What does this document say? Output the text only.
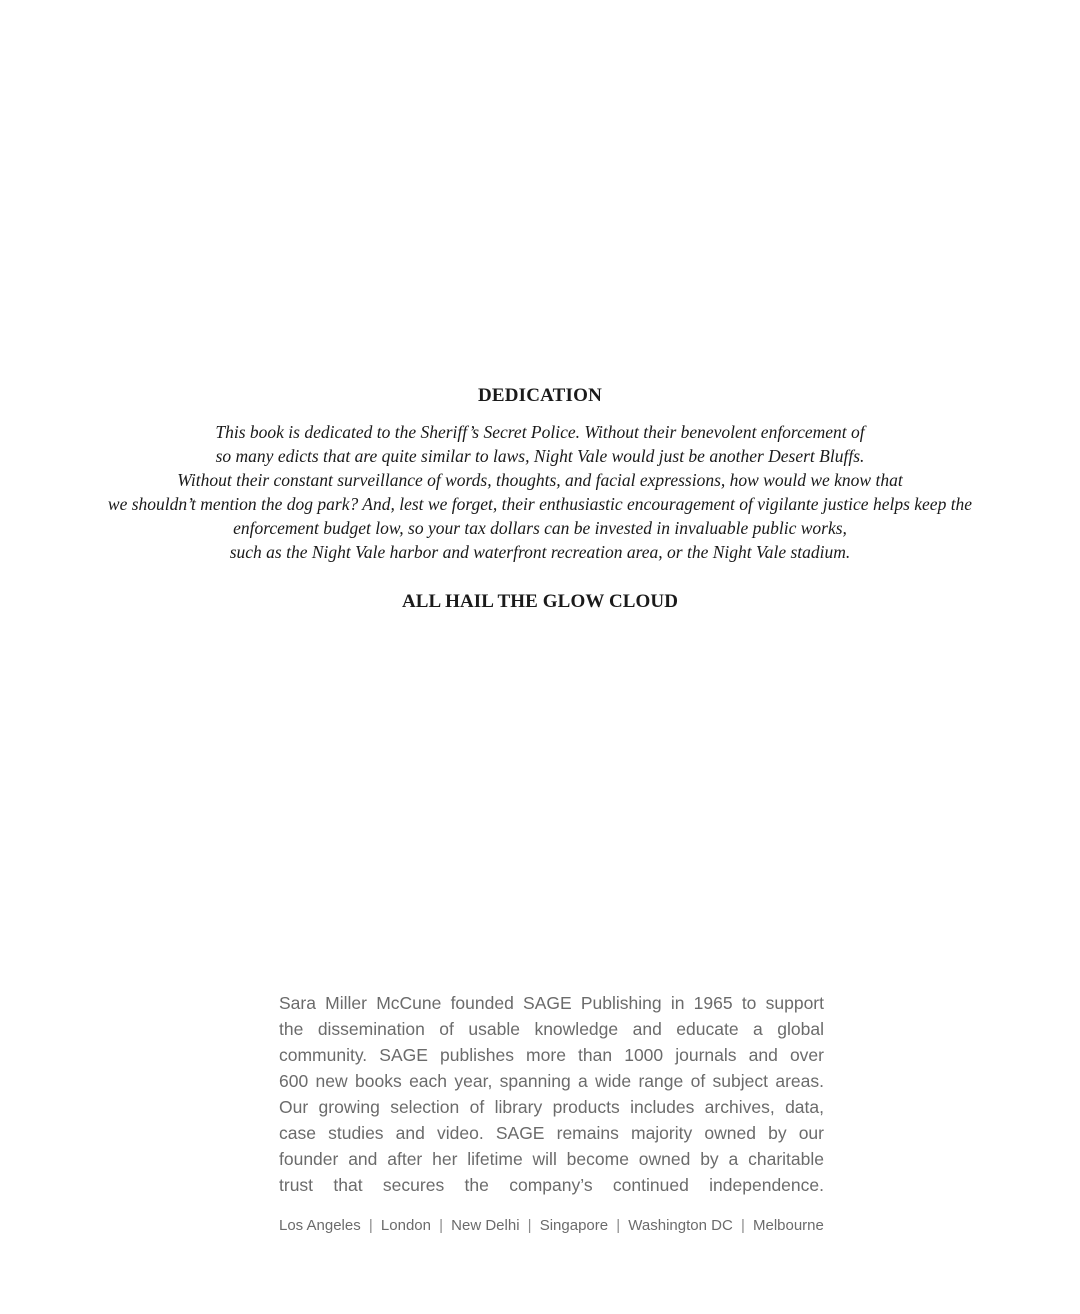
DEDICATION

This book is dedicated to the Sheriff’s Secret Police. Without their benevolent enforcement of
so many edicts that are quite similar to laws, Night Vale would just be another Desert Bluffs.
Without their constant surveillance of words, thoughts, and facial expressions, how would we know that
we shouldn’t mention the dog park? And, lest we forget, their enthusiastic encouragement of vigilante justice helps keep the
enforcement budget low, so your tax dollars can be invested in invaluable public works,
such as the Night Vale harbor and waterfront recreation area, or the Night Vale stadium.

ALL HAIL THE GLOW CLOUD
Sara Miller McCune founded SAGE Publishing in 1965 to support
the dissemination of usable knowledge and educate a global
community. SAGE publishes more than 1000 journals and over
600 new books each year, spanning a wide range of subject areas.
Our growing selection of library products includes archives, data,
case studies and video. SAGE remains majority owned by our
founder and after her lifetime will become owned by a charitable
trust that secures the company’s continued independence.
Los Angeles | London | New Delhi | Singapore | Washington DC | Melbourne
